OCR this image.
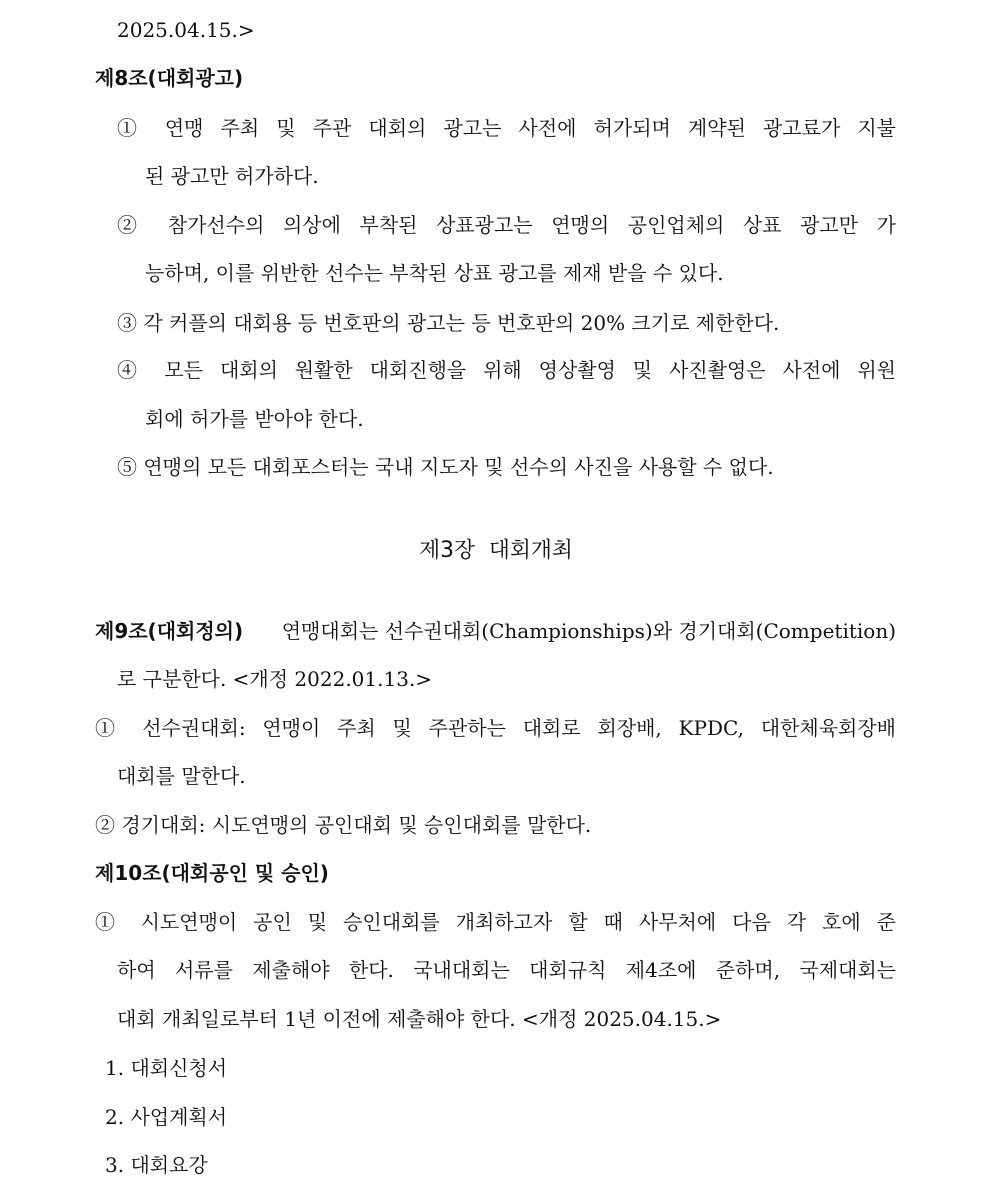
2025.04.15.>
제8조(대회광고)
① 연맹 주최 및 주관 대회의 광고는 사전에 허가되며 계약된 광고료가 지불
된 광고만 허가하다.
② 참가선수의 의상에 부착된 상표광고는 연맹의 공인업체의 상표 광고만 가
능하며, 이를 위반한 선수는 부착된 상표 광고를 제재 받을 수 있다.
③ 각 커플의 대회용 등 번호판의 광고는 등 번호판의 20% 크기로 제한한다.
④ 모든 대회의 원활한 대회진행을 위해 영상촬영 및 사진촬영은 사전에 위원
회에 허가를 받아야 한다.
⑤ 연맹의 모든 대회포스터는 국내 지도자 및 선수의 사진을 사용할 수 없다.
제3장  대회개최
제9조(대회정의) 연맹대회는 선수권대회(Championships)와 경기대회(Competition)
로 구분한다. <개정 2022.01.13.>
① 선수권대회: 연맹이 주최 및 주관하는 대회로 회장배, KPDC, 대한체육회장배
대회를 말한다.
② 경기대회: 시도연맹의 공인대회 및 승인대회를 말한다.
제10조(대회공인 및 승인)
① 시도연맹이 공인 및 승인대회를 개최하고자 할 때 사무처에 다음 각 호에 준
하여 서류를 제출해야 한다. 국내대회는 대회규칙 제4조에 준하며, 국제대회는
대회 개최일로부터 1년 이전에 제출해야 한다. <개정 2025.04.15.>
1. 대회신청서
2. 사업계획서
3. 대회요강
